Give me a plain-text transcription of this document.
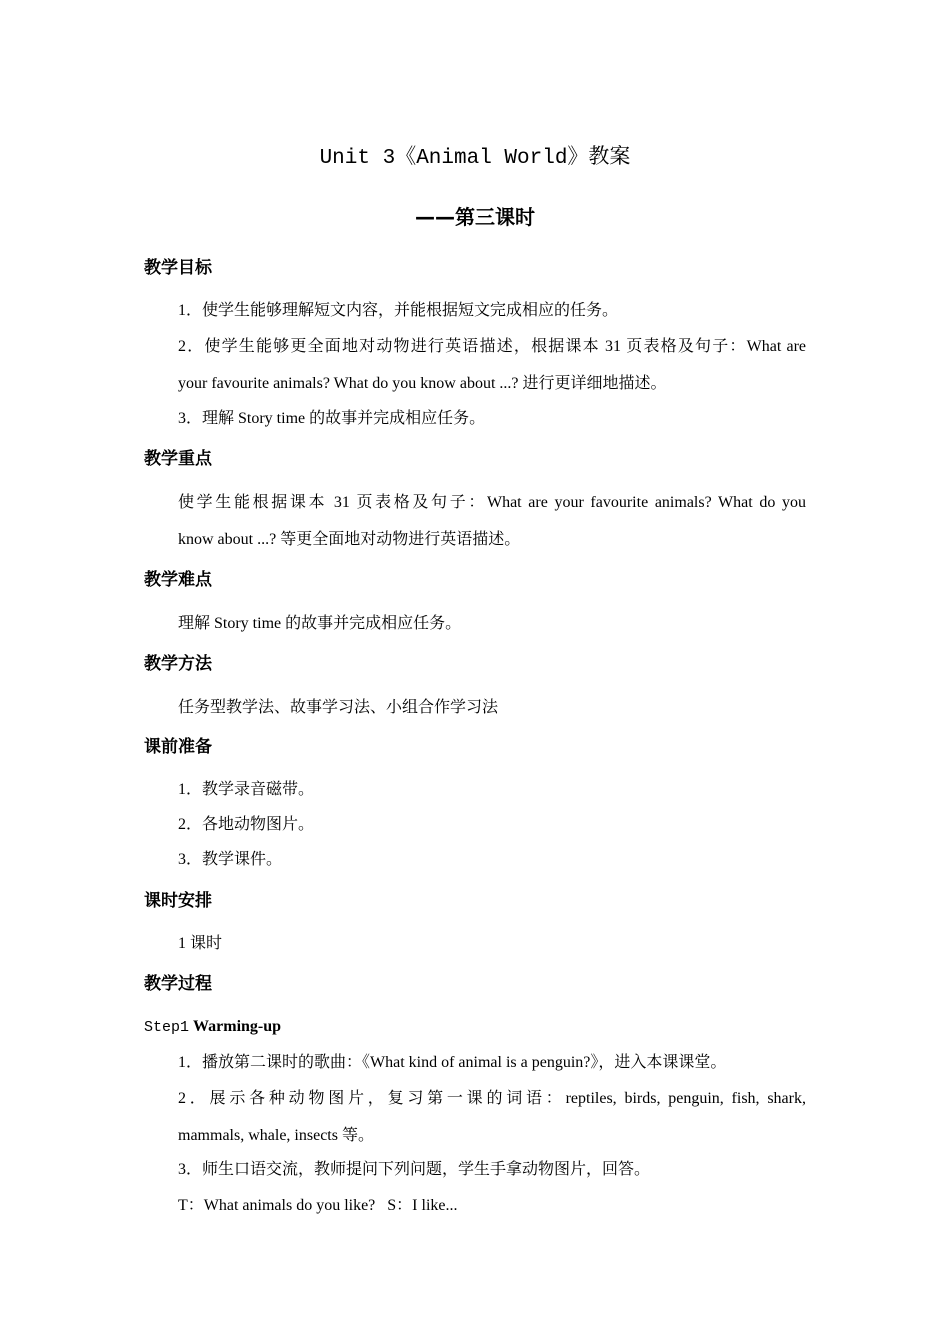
Unit 3《Animal World》教案
——第三课时
教学目标
1．使学生能够理解短文内容，并能根据短文完成相应的任务。
2．使学生能够更全面地对动物进行英语描述，根据课本 31 页表格及句子：What are
your favourite animals? What do you know about ...? 进行更详细地描述。
3．理解 Story time 的故事并完成相应任务。
教学重点
使学生能根据课本 31 页表格及句子：What are your favourite animals? What do you
know about ...? 等更全面地对动物进行英语描述。
教学难点
理解 Story time 的故事并完成相应任务。
教学方法
任务型教学法、故事学习法、小组合作学习法
课前准备
1．教学录音磁带。
2．各地动物图片。
3．教学课件。
课时安排
1 课时
教学过程
Step1 Warming-up
1．播放第二课时的歌曲：《What kind of animal is a penguin?》，进入本课课堂。
2．展示各种动物图片，复习第一课的词语：reptiles, birds, penguin, fish, shark,
mammals, whale, insects 等。
3．师生口语交流，教师提问下列问题，学生手拿动物图片，回答。
T：What animals do you like?   S：I like...
